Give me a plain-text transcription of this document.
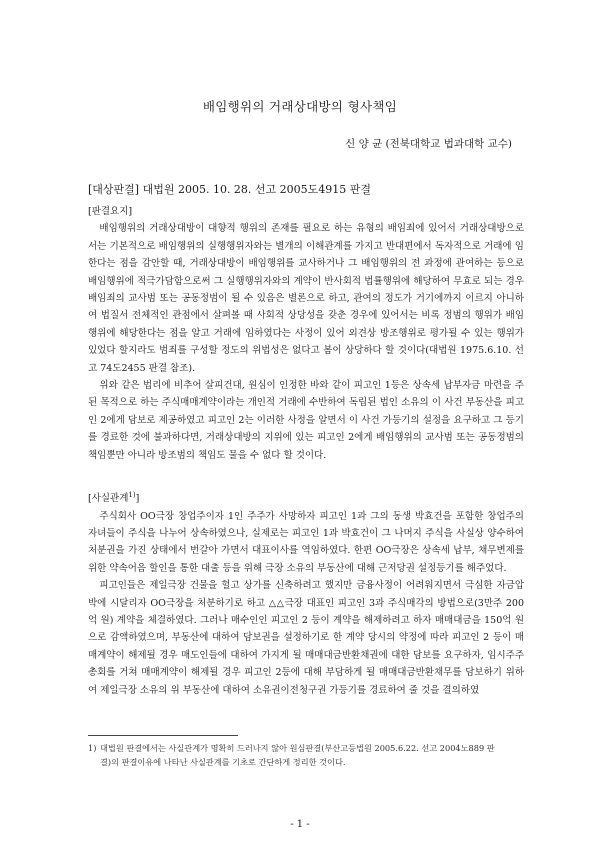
배임행위의 거래상대방의 형사책임
신 양 균 (전북대학교 법과대학 교수)
[대상판결] 대법원 2005. 10. 28. 선고 2005도4915 판결

[판결요지]

배임행위의 거래상대방이 대향적 행위의 존재를 필요로 하는 유형의 배임죄에 있어서 거래상대방으로서는 기본적으로 배임행위의 실행행위자와는 별개의 이해관계를 가지고 반대편에서 독자적으로 거래에 임한다는 점을 감안할 때, 거래상대방이 배임행위를 교사하거나 그 배임행위의 전 과정에 관여하는 등으로 배임행위에 적극가담함으로써 그 실행행위자와의 계약이 반사회적 법률행위에 해당하여 무효로 되는 경우 배임죄의 교사범 또는 공동정범이 될 수 있음은 별론으로 하고, 관여의 정도가 거기에까지 이르지 아니하여 법질서 전체적인 관점에서 살펴볼 때 사회적 상당성을 갖춘 경우에 있어서는 비록 정범의 행위가 배임행위에 해당한다는 점을 알고 거래에 임하였다는 사정이 있어 외견상 방조행위로 평가될 수 있는 행위가 있었다 할지라도 범죄를 구성할 정도의 위법성은 없다고 봄이 상당하다 할 것이다(대법원 1975.6.10. 선고 74도2455 판결 참조).

위와 같은 법리에 비추어 살피건대, 원심이 인정한 바와 같이 피고인 1등은 상속세 납부자금 마련을 주된 목적으로 하는 주식매매계약이라는 개인적 거래에 수반하여 독립된 법인 소유의 이 사건 부동산을 피고인 2에게 담보로 제공하였고 피고인 2는 이러한 사정을 알면서 이 사건 가등기의 설정을 요구하고 그 등기를 경료한 것에 불과하다면, 거래상대방의 지위에 있는 피고인 2에게 배임행위의 교사범 또는 공동정범의 책임뿐만 아니라 방조범의 책임도 물을 수 없다 할 것이다.

[사실관계$^{1)}$]

주식회사 OO극장 창업주이자 1인 주주가 사망하자 피고인 1과 그의 동생 박효건을 포함한 창업주의 자녀들이 주식을 나누어 상속하였으나, 실제로는 피고인 1과 박효건이 그 나머지 주식을 사실상 양수하여 처분권을 가진 상태에서 번갈아 가면서 대표이사를 역임하였다. 한편 OO극장은 상속세 납부, 채무변제를 위한 약속어음 할인을 통한 대출 등을 위해 극장 소유의 부동산에 대해 근저당권 설정등기를 해주었다.

피고인들은 제일극장 건물을 헐고 상가를 신축하려고 했지만 금융사정이 어려워지면서 극심한 자금압박에 시달리자 OO극장을 처분하기로 하고 △△극장 대표인 피고인 3과 주식매각의 방법으로(3만주 200억 원) 계약을 체결하였다. 그러나 매수인인 피고인 2 등이 계약을 해제하려고 하자 매매대금을 150억 원으로 감액하였으며, 부동산에 대하여 담보권을 설정하기로 한 계약 당시의 약정에 따라 피고인 2 등이 매매계약이 해제될 경우 매도인들에 대하여 가지게 될 매매대금반환채권에 대한 담보를 요구하자, 임시주주총회를 거쳐 매매계약이 해제될 경우 피고인 2등에 대해 부담하게 될 매매대금반환채무를 담보하기 위하여 제일극장 소유의 위 부동산에 대하여 소유권이전청구권 가등기를 경료하여 줄 것을 결의하였

1) 대법원 판결에서는 사실관계가 명확히 드러나지 않아 원심판결(부산고등법원 2005.6.22. 선고 2004노889 판
결)의 판결이유에 나타난 사실관계를 기초로 간단하게 정리한 것이다.
- 1 -
